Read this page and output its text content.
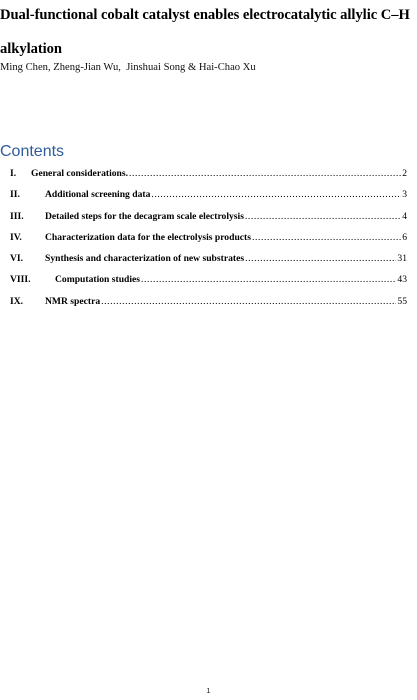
Dual-functional cobalt catalyst enables electrocatalytic allylic C–H alkylation
Ming Chen, Zheng-Jian Wu,  Jinshuai Song & Hai-Chao Xu
Contents
I.	General considerations. .....	2
II.	Additional screening data .....	3
III.	Detailed steps for the decagram scale electrolysis .....	4
IV.	Characterization data for the electrolysis products .....	6
VI.	Synthesis and characterization of new substrates .....	31
VIII.	Computation studies .....	43
IX.	NMR spectra .....	55
1
